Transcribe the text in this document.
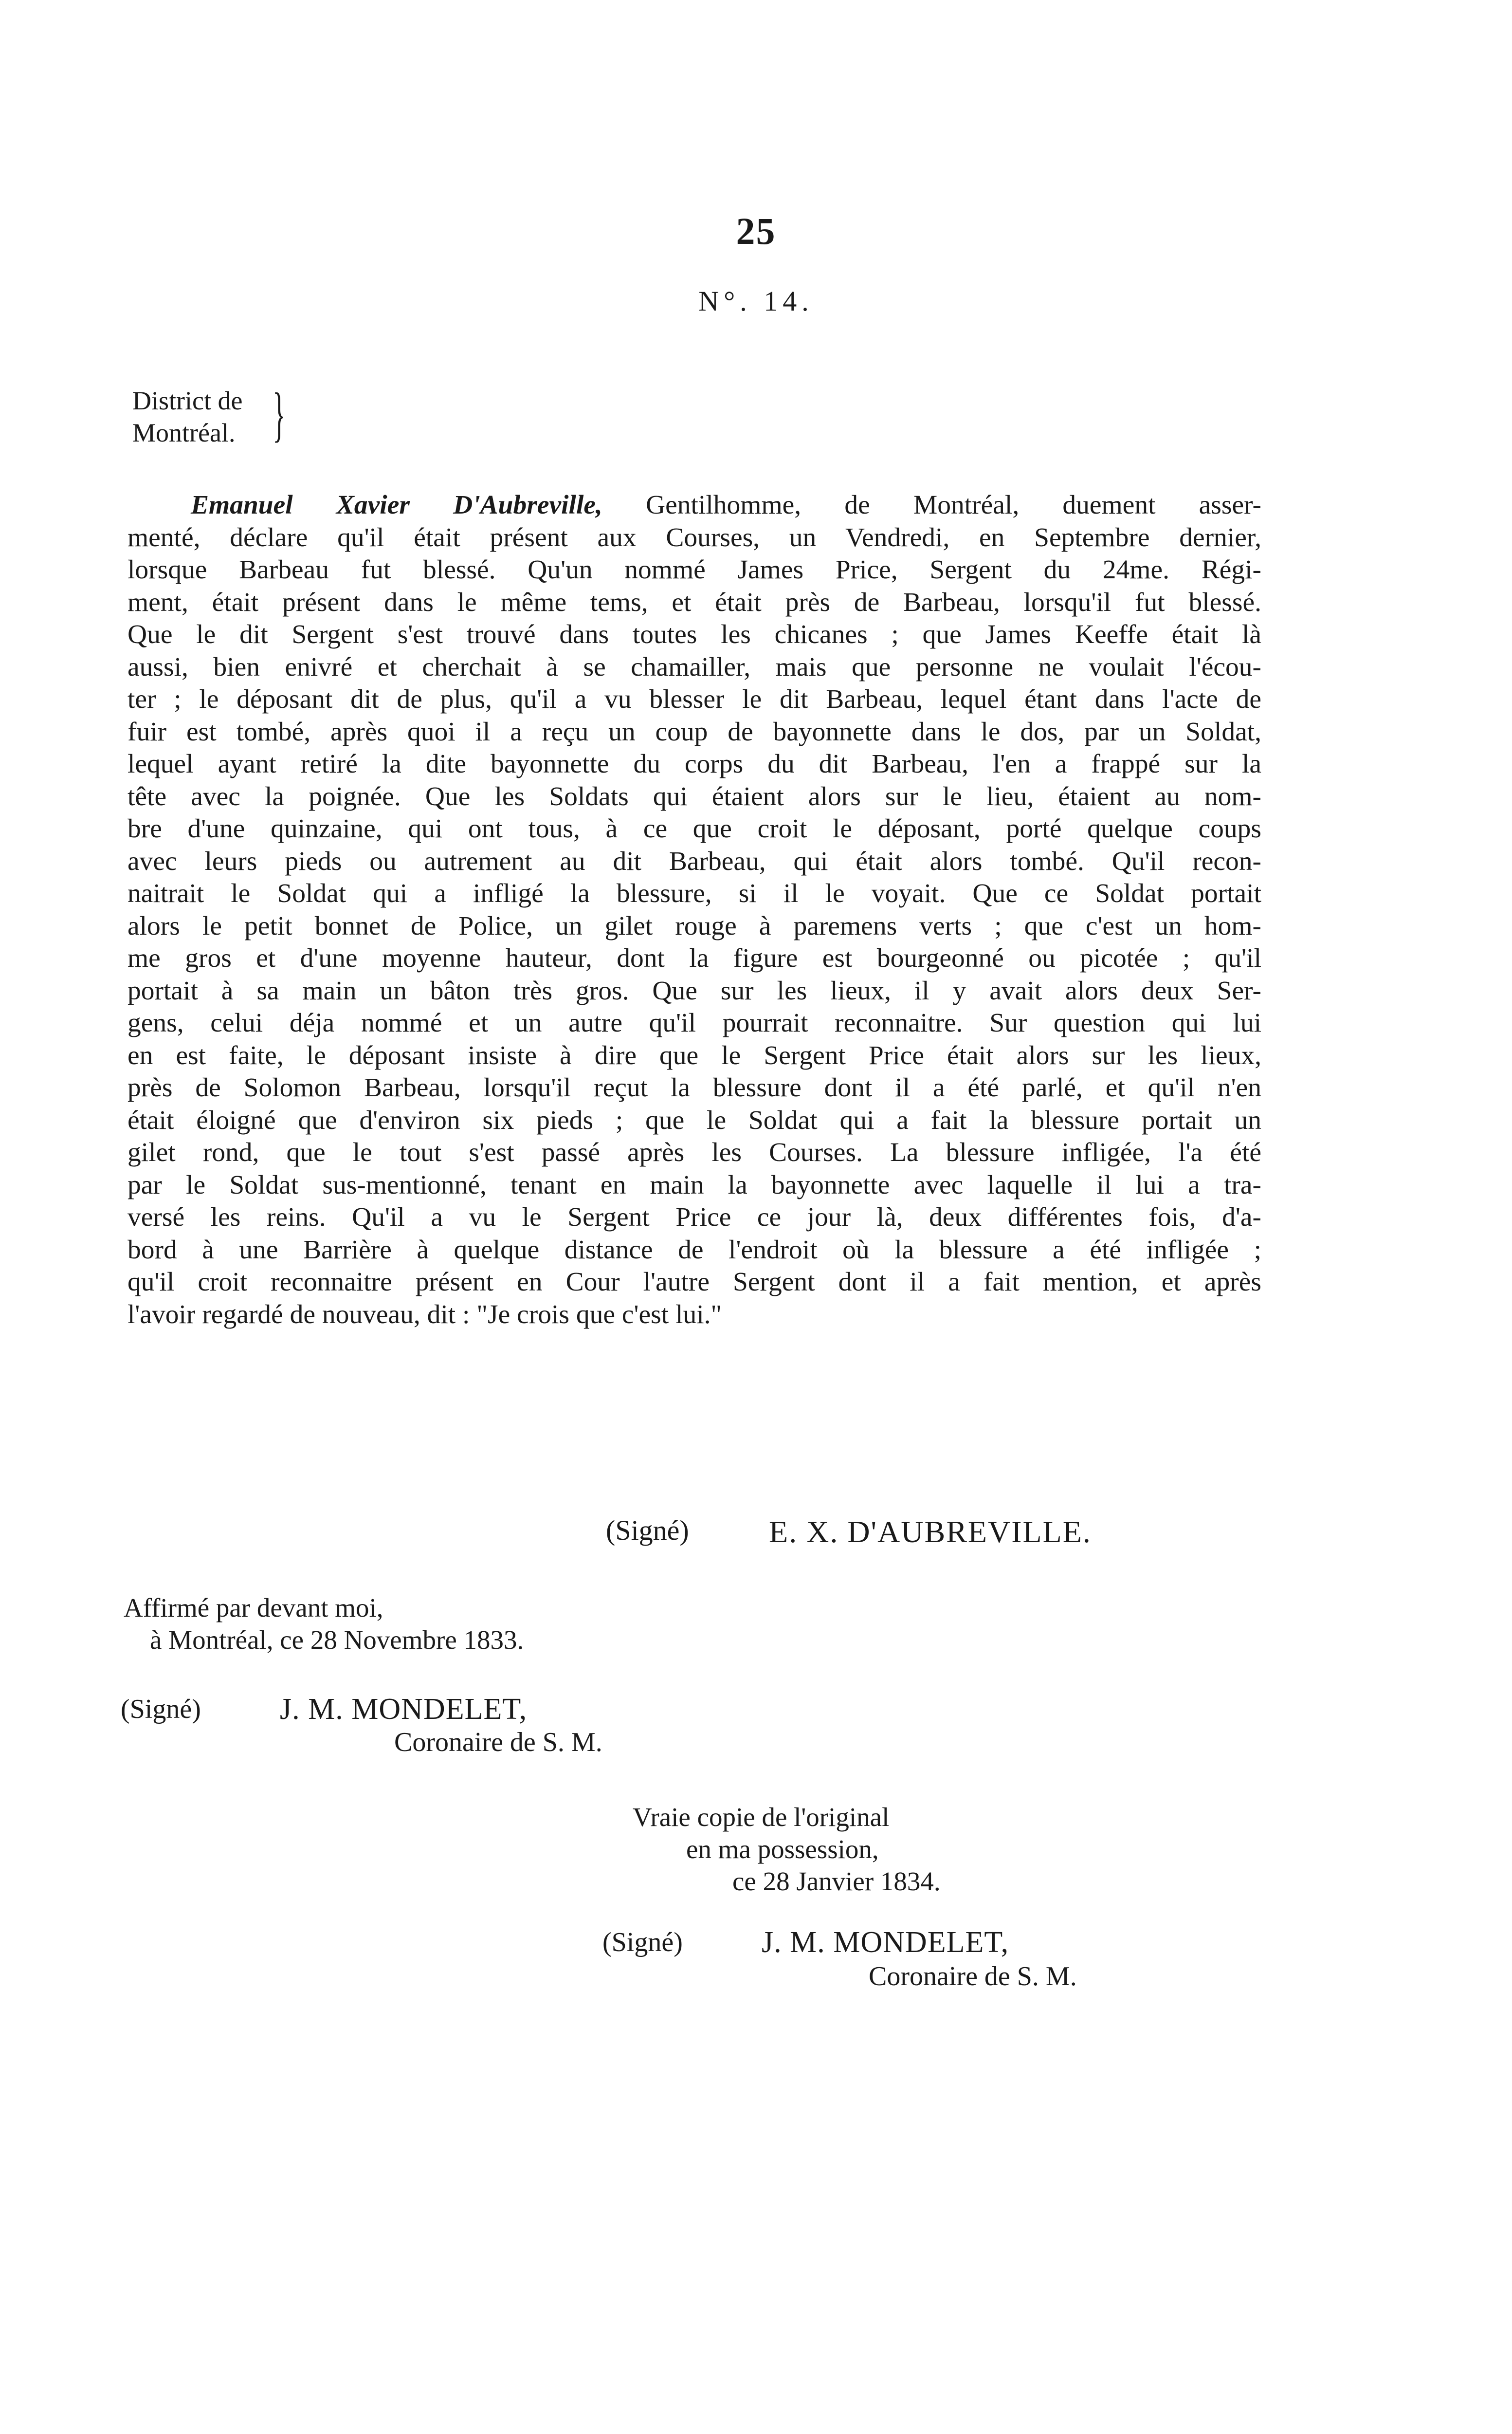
25
N°. 14.
District de
Montréal. }
Emanuel Xavier D'Aubreville, Gentilhomme, de Montréal, duement asser-
menté, déclare qu'il était présent aux Courses, un Vendredi, en Septembre dernier,
lorsque Barbeau fut blessé. Qu'un nommé James Price, Sergent du 24me. Régi-
ment, était présent dans le même tems, et était près de Barbeau, lorsqu'il fut blessé.
Que le dit Sergent s'est trouvé dans toutes les chicanes ; que James Keeffe était là
aussi, bien enivré et cherchait à se chamailler, mais que personne ne voulait l'écou-
ter ; le déposant dit de plus, qu'il a vu blesser le dit Barbeau, lequel étant dans l'acte de
fuir est tombé, après quoi il a reçu un coup de bayonnette dans le dos, par un Soldat,
lequel ayant retiré la dite bayonnette du corps du dit Barbeau, l'en a frappé sur la
tête avec la poignée. Que les Soldats qui étaient alors sur le lieu, étaient au nom-
bre d'une quinzaine, qui ont tous, à ce que croit le déposant, porté quelque coups
avec leurs pieds ou autrement au dit Barbeau, qui était alors tombé. Qu'il recon-
naitrait le Soldat qui a infligé la blessure, si il le voyait. Que ce Soldat portait
alors le petit bonnet de Police, un gilet rouge à paremens verts ; que c'est un hom-
me gros et d'une moyenne hauteur, dont la figure est bourgeonné ou picotée ; qu'il
portait à sa main un bâton très gros. Que sur les lieux, il y avait alors deux Ser-
gens, celui déja nommé et un autre qu'il pourrait reconnaitre. Sur question qui lui
en est faite, le déposant insiste à dire que le Sergent Price était alors sur les lieux,
près de Solomon Barbeau, lorsqu'il reçut la blessure dont il a été parlé, et qu'il n'en
était éloigné que d'environ six pieds ; que le Soldat qui a fait la blessure portait un
gilet rond, que le tout s'est passé après les Courses. La blessure infligée, l'a été
par le Soldat sus-mentionné, tenant en main la bayonnette avec laquelle il lui a tra-
versé les reins. Qu'il a vu le Sergent Price ce jour là, deux différentes fois, d'a-
bord à une Barrière à quelque distance de l'endroit où la blessure a été infligée ;
qu'il croit reconnaitre présent en Cour l'autre Sergent dont il a fait mention, et après
l'avoir regardé de nouveau, dit : "Je crois que c'est lui."
(Signé)	E. X. D'AUBREVILLE.
Affirmé par devant moi,
à Montréal, ce 28 Novembre 1833.
(Signé)	J. M. MONDELET,
Coronaire de S. M.
Vraie copie de l'original
en ma possession,
ce 28 Janvier 1834.
(Signé)	J. M. MONDELET,
Coronaire de S. M.
